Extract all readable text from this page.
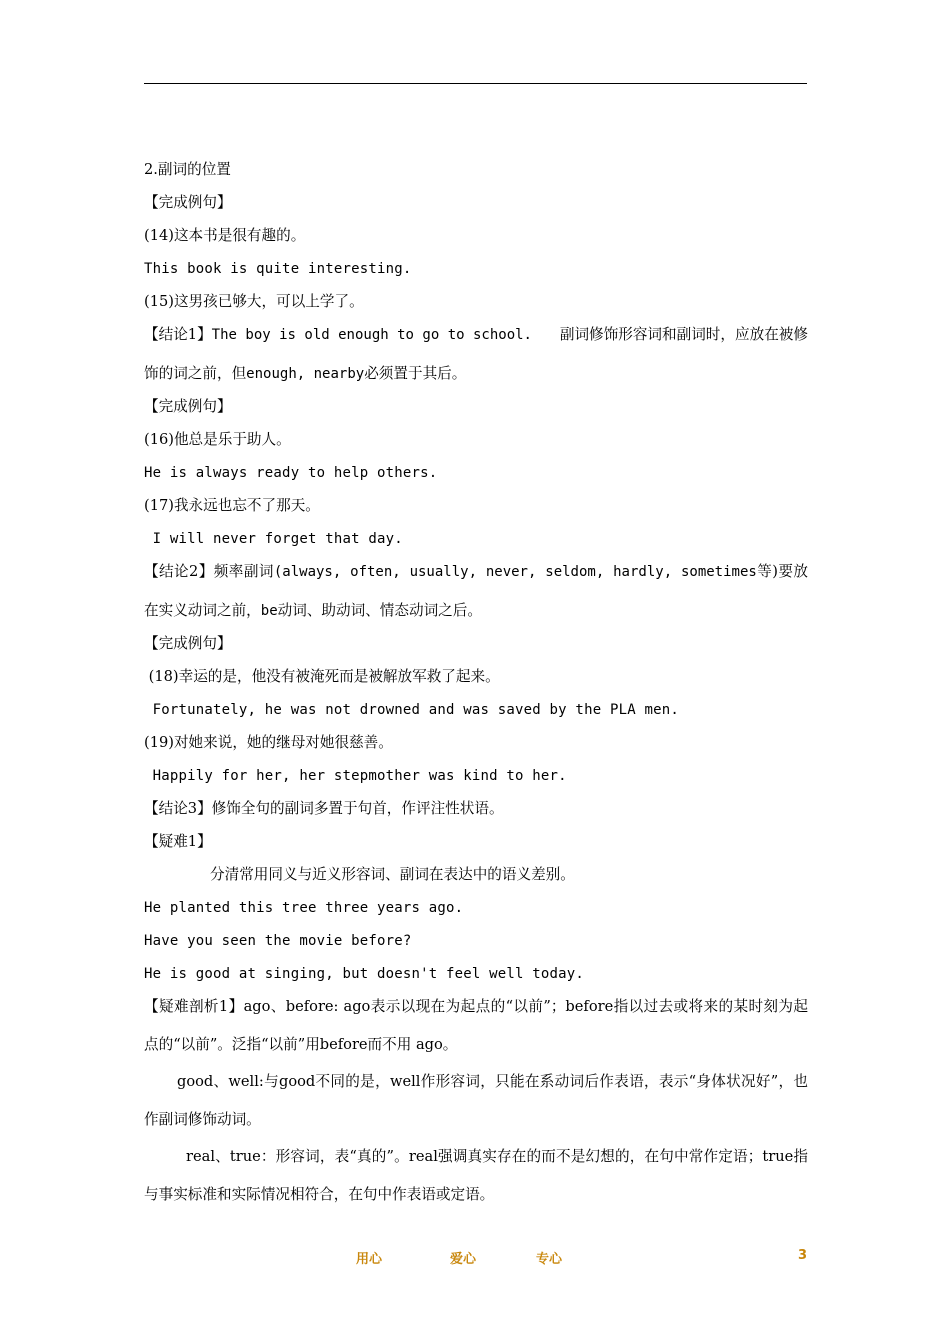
2.副词的位置
【完成例句】
(14)这本书是很有趣的。
This book is quite interesting.
(15)这男孩已够大，可以上学了。
【结论1】The boy is old enough to go to school. 副词修饰形容词和副词时，应放在被修饰的词之前，但enough, nearby必须置于其后。
【完成例句】
(16)他总是乐于助人。
He is always ready to help others.
(17)我永远也忘不了那天。
I will never forget that day.
【结论2】频率副词(always, often, usually, never, seldom, hardly, sometimes等)要放在实义动词之前，be动词、助动词、情态动词之后。
【完成例句】
(18)幸运的是，他没有被淹死而是被解放军救了起来。
Fortunately, he was not drowned and was saved by the PLA men.
(19)对她来说，她的继母对她很慈善。
Happily for her, her stepmother was kind to her.
【结论3】修饰全句的副词多置于句首，作评注性状语。
【疑难1】
分清常用同义与近义形容词、副词在表达中的语义差别。
He planted this tree three years ago.
Have you seen the movie before?
He is good at singing, but doesn't feel well today.
【疑难剖析1】ago、before: ago表示以现在为起点的“以前”；before指以过去或将来的某时刻为起点的“以前”。泛指“以前”用before而不用 ago。
good、well:与good不同的是，well作形容词，只能在系动词后作表语，表示“身体状况好”，也作副词修饰动词。
real、true：形容词，表“真的”。real强调真实存在的而不是幻想的，在句中常作定语；true指与事实标准和实际情况相符合，在句中作表语或定语。
用心	爱心	专心	3
